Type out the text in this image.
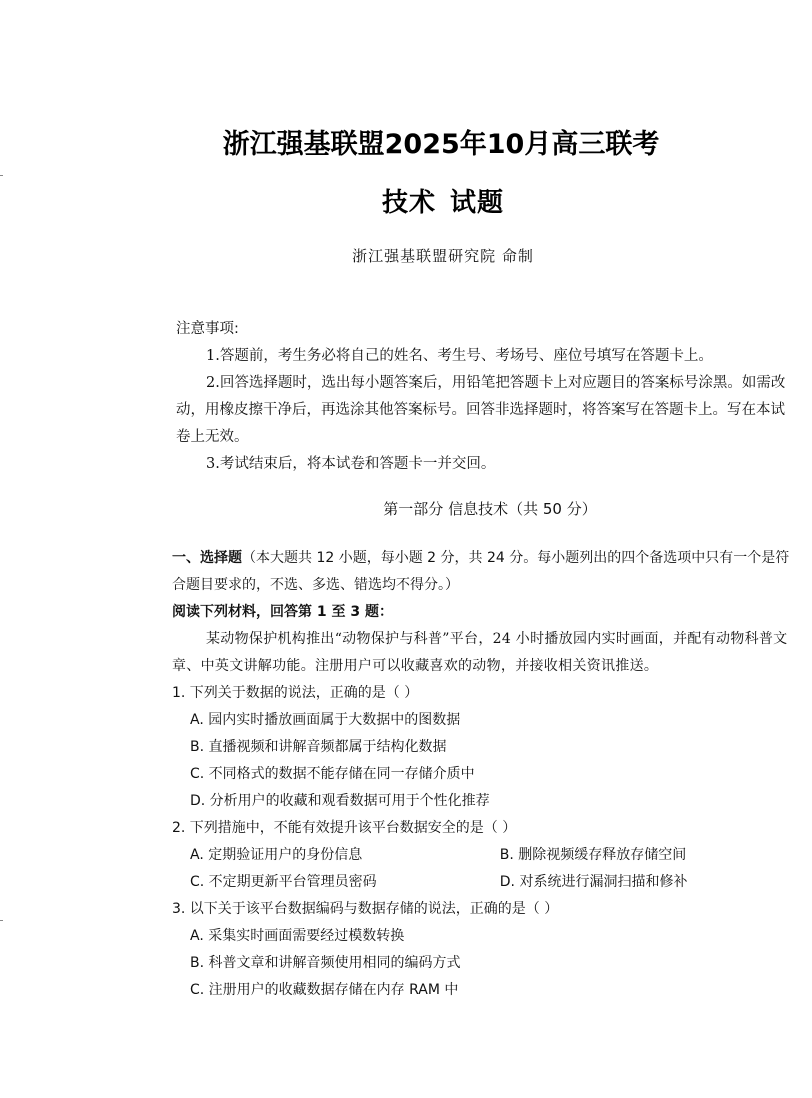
浙江强基联盟2025年10月高三联考
技术 试题
浙江强基联盟研究院 命制

注意事项:

1.答题前，考生务必将自己的姓名、考生号、考场号、座位号填写在答题卡上。

2.回答选择题时，选出每小题答案后，用铅笔把答题卡上对应题目的答案标号涂黑。如需改动，用橡皮擦干净后，再选涂其他答案标号。回答非选择题时，将答案写在答题卡上。写在本试卷上无效。

3.考试结束后，将本试卷和答题卡一并交回。

第一部分 信息技术（共 50 分）

一、选择题（本大题共 12 小题，每小题 2 分，共 24 分。每小题列出的四个备选项中只有一个是符合题目要求的，不选、多选、错选均不得分。）

阅读下列材料，回答第 1 至 3 题：

某动物保护机构推出“动物保护与科普”平台，24 小时播放园内实时画面，并配有动物科普文章、中英文讲解功能。注册用户可以收藏喜欢的动物，并接收相关资讯推送。

1. 下列关于数据的说法，正确的是（ ）

A. 园内实时播放画面属于大数据中的图数据

B. 直播视频和讲解音频都属于结构化数据

C. 不同格式的数据不能存储在同一存储介质中

D. 分析用户的收藏和观看数据可用于个性化推荐

2. 下列措施中，不能有效提升该平台数据安全的是（ ）

A. 定期验证用户的身份信息	B. 删除视频缓存释放存储空间
C. 不定期更新平台管理员密码	D. 对系统进行漏洞扫描和修补

3. 以下关于该平台数据编码与数据存储的说法，正确的是（ ）

A. 采集实时画面需要经过模数转换

B. 科普文章和讲解音频使用相同的编码方式

C. 注册用户的收藏数据存储在内存 RAM 中
